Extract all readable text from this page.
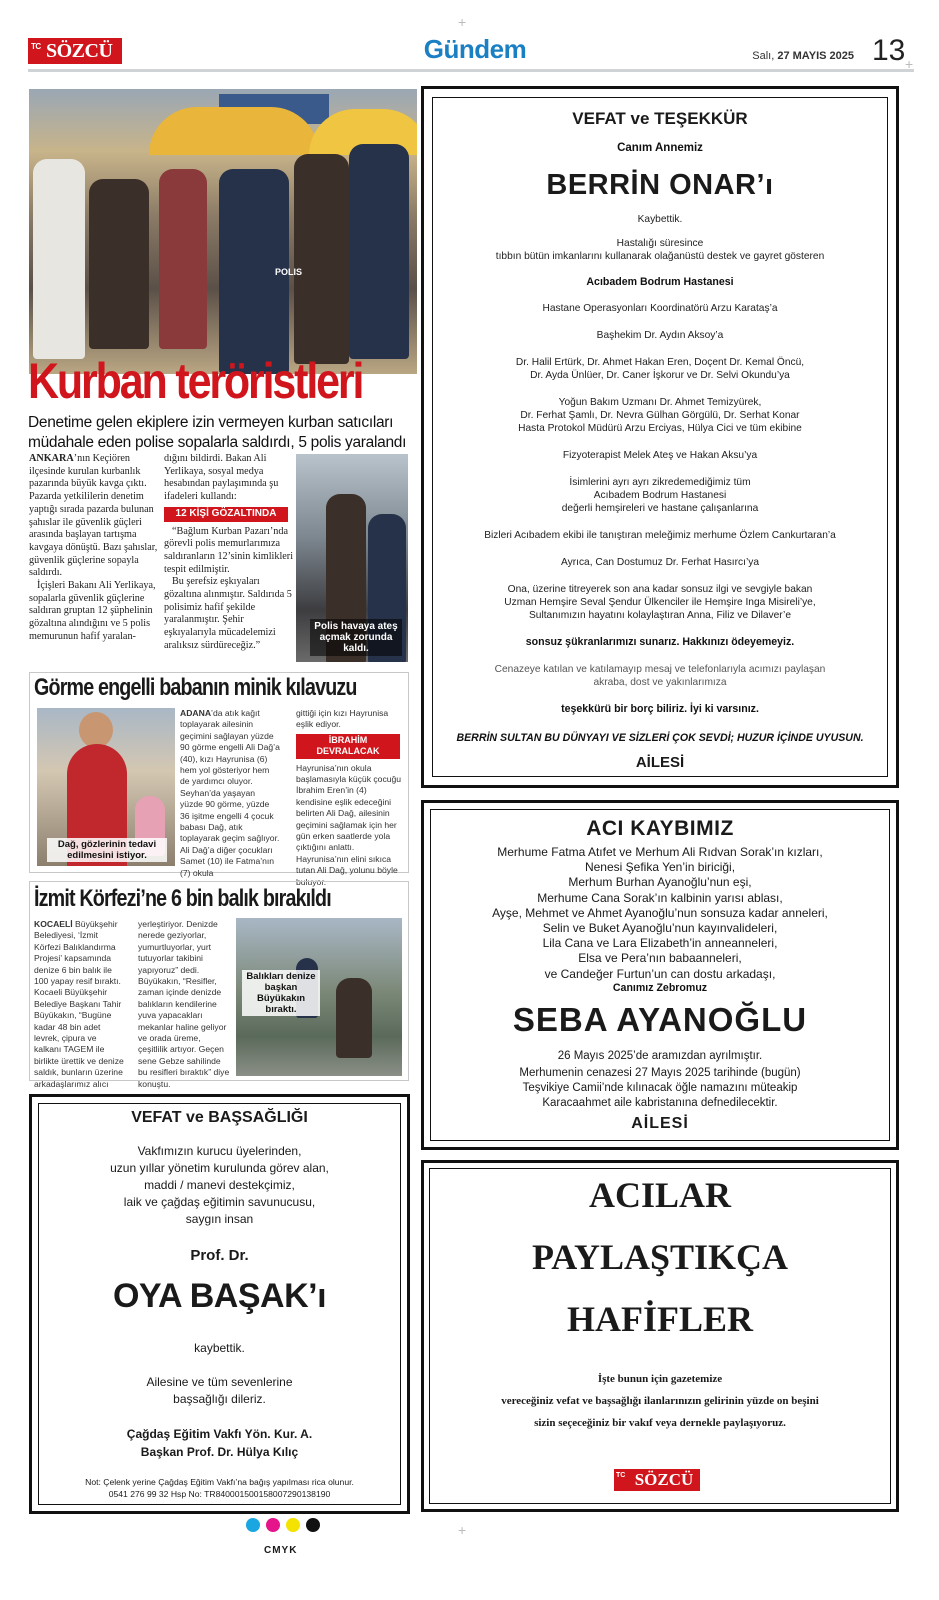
TC SÖZCÜ	Gündem	Salı, 27 MAYIS 2025 13
+
+
+
POLIS
Kurban teröristleri
Denetime gelen ekiplere izin vermeyen kurban satıcıları müdahale eden polise sopalarla saldırdı, 5 polis yaralandı
ANKARA’nın Keçiören ilçesinde kurulan kurbanlık pazarında büyük kavga çıktı. Pazarda yetkililerin denetim yaptığı sırada pazarda bulunan şahıslar ile güvenlik güçleri arasında başlayan tartışma kavgaya dönüştü. Bazı şahıslar, güvenlik güçlerine sopayla saldırdı.
İçişleri Bakanı Ali Yerlikaya, sopalarla güvenlik güçlerine saldıran gruptan 12 şüphelinin gözaltına alındığını ve 5 polis memurunun hafif yaralan-
dığını bildirdi. Bakan Ali Yerlikaya, sosyal medya hesabından paylaşımında şu ifadeleri kullandı:
12 KİŞİ GÖZALTINDA
“Bağlum Kurban Pazarı’nda görevli polis memurlarımıza saldıranların 12’sinin kimlikleri tespit edilmiştir.
Bu şerefsiz eşkıyaları gözaltına alınmıştır. Saldırıda 5 polisimiz hafif şekilde yaralanmıştır. Şehir eşkıyalarıyla mücadelemizi aralıksız sürdüreceğiz.”
Polis havaya ateş açmak zorunda kaldı.
Görme engelli babanın minik kılavuzu
Dağ, gözlerinin tedavi edilmesini istiyor.
ADANA’da atık kağıt toplayarak ailesinin geçimini sağlayan yüzde 90 görme engelli Ali Dağ’a (40), kızı Hayrunisa (6) hem yol gösteriyor hem de yardımcı oluyor. Seyhan’da yaşayan yüzde 90 görme, yüzde 36 işitme engelli 4 çocuk babası Dağ, atık toplayarak geçim sağlıyor. Ali Dağ’a diğer çocukları Samet (10) ile Fatma’nın (7) okula
gittiği için kızı Hayrunisa eşlik ediyor.
İBRAHİM DEVRALACAK
Hayrunisa’nın okula başlamasıyla küçük çocuğu İbrahim Eren’in (4) kendisine eşlik edeceğini belirten Ali Dağ, ailesinin geçimini sağlamak için her gün erken saatlerde yola çıktığını anlattı. Hayrunisa’nın elini sıkıca tutan Ali Dağ, yolunu böyle buluyor.
İzmit Körfezi’ne 6 bin balık bırakıldı
KOCAELİ Büyükşehir Belediyesi, ‘İzmit Körfezi Balıklandırma Projesi’ kapsamında denize 6 bin balık ile 100 yapay resif bıraktı. Kocaeli Büyükşehir Belediye Başkanı Tahir Büyükakın, “Bugüne kadar 48 bin adet levrek, çipura ve kalkanı TAGEM ile birlikte ürettik ve denize saldık, bunların üzerine arkadaşlarımız alıcı
yerleştiriyor. Denizde nerede geziyorlar, yumurtluyorlar, yurt tutuyorlar takibini yapıyoruz” dedi. Büyükakın, “Resifler, zaman içinde denizde balıkların kendilerine yuva yapacakları mekanlar haline geliyor ve orada üreme, çeşitlilik artıyor. Geçen sene Gebze sahilinde bu resifleri bıraktık” diye konuştu.
Balıkları denize başkan Büyükakın bıraktı.
VEFAT ve TEŞEKKÜR
Canım Annemiz
BERRİN ONAR’ı
Kaybettik.
Hastalığı süresince
tıbbın bütün imkanlarını kullanarak olağanüstü destek ve gayret gösteren
Acıbadem Bodrum Hastanesi
Hastane Operasyonları Koordinatörü Arzu Karataş’a
Başhekim Dr. Aydın Aksoy’a
Dr. Halil Ertürk, Dr. Ahmet Hakan Eren, Doçent Dr. Kemal Öncü,
Dr. Ayda Ünlüer, Dr. Caner İşkorur ve Dr. Selvi Okundu’ya
Yoğun Bakım Uzmanı Dr. Ahmet Temizyürek,
Dr. Ferhat Şamlı, Dr. Nevra Gülhan Görgülü, Dr. Serhat Konar
Hasta Protokol Müdürü Arzu Erciyas, Hülya Cici ve tüm ekibine
Fizyoterapist Melek Ateş ve Hakan Aksu’ya
İsimlerini ayrı ayrı zikredemediğimiz tüm
Acıbadem Bodrum Hastanesi
değerli hemşireleri ve hastane çalışanlarına
Bizleri Acıbadem ekibi ile tanıştıran meleğimiz merhume Özlem Cankurtaran’a
Ayrıca, Can Dostumuz Dr. Ferhat Hasırcı’ya
Ona, üzerine titreyerek son ana kadar sonsuz ilgi ve sevgiyle bakan
Uzman Hemşire Seval Şendur Ülkenciler ile Hemşire Inga Misireli’ye,
Sultanımızın hayatını kolaylaştıran Anna, Filiz ve Dilaver’e
sonsuz şükranlarımızı sunarız. Hakkınızı ödeyemeyiz.
Cenazeye katılan ve katılamayıp mesaj ve telefonlarıyla acımızı paylaşan
akraba, dost ve yakınlarımıza
teşekkürü bir borç biliriz. İyi ki varsınız.
BERRİN SULTAN BU DÜNYAYI VE SİZLERİ ÇOK SEVDİ; HUZUR İÇİNDE UYUSUN.
AİLESİ
ACI KAYBIMIZ
Merhume Fatma Atıfet ve Merhum Ali Rıdvan Sorak’ın kızları,
Nenesi Şefika Yen’in biriciği,
Merhum Burhan Ayanoğlu’nun eşi,
Merhume Cana Sorak’ın kalbinin yarısı ablası,
Ayşe, Mehmet ve Ahmet Ayanoğlu’nun sonsuza kadar anneleri,
Selin ve Buket Ayanoğlu’nun kayınvalideleri,
Lila Cana ve Lara Elizabeth’in anneanneleri,
Elsa ve Pera’nın babaanneleri,
ve Candeğer Furtun’un can dostu arkadaşı,
Canımız Zebromuz
SEBA AYANOĞLU
26 Mayıs 2025’de aramızdan ayrılmıştır.
Merhumenin cenazesi 27 Mayıs 2025 tarihinde (bugün)
Teşvikiye Camii’nde kılınacak öğle namazını müteakip
Karacaahmet aile kabristanına defnedilecektir.
AİLESİ
ACILAR
PAYLAŞTIKÇA
HAFİFLER
İşte bunun için gazetemize
vereceğiniz vefat ve başsağlığı ilanlarınızın gelirinin yüzde on beşini
sizin seçeceğiniz bir vakıf veya dernekle paylaşıyoruz.
TC SÖZCÜ
VEFAT ve BAŞSAĞLIĞI
Vakfımızın kurucu üyelerinden,
uzun yıllar yönetim kurulunda görev alan,
maddi / manevi destekçimiz,
laik ve çağdaş eğitimin savunucusu,
saygın insan
Prof. Dr.
OYA BAŞAK’ı
kaybettik.
Ailesine ve tüm sevenlerine
başsağlığı dileriz.
Çağdaş Eğitim Vakfı Yön. Kur. A.
Başkan Prof. Dr. Hülya Kılıç
Not: Çelenk yerine Çağdaş Eğitim Vakfı’na bağış yapılması rica olunur.
0541 276 99 32 Hsp No: TR840001500158007290138190
CMYK
